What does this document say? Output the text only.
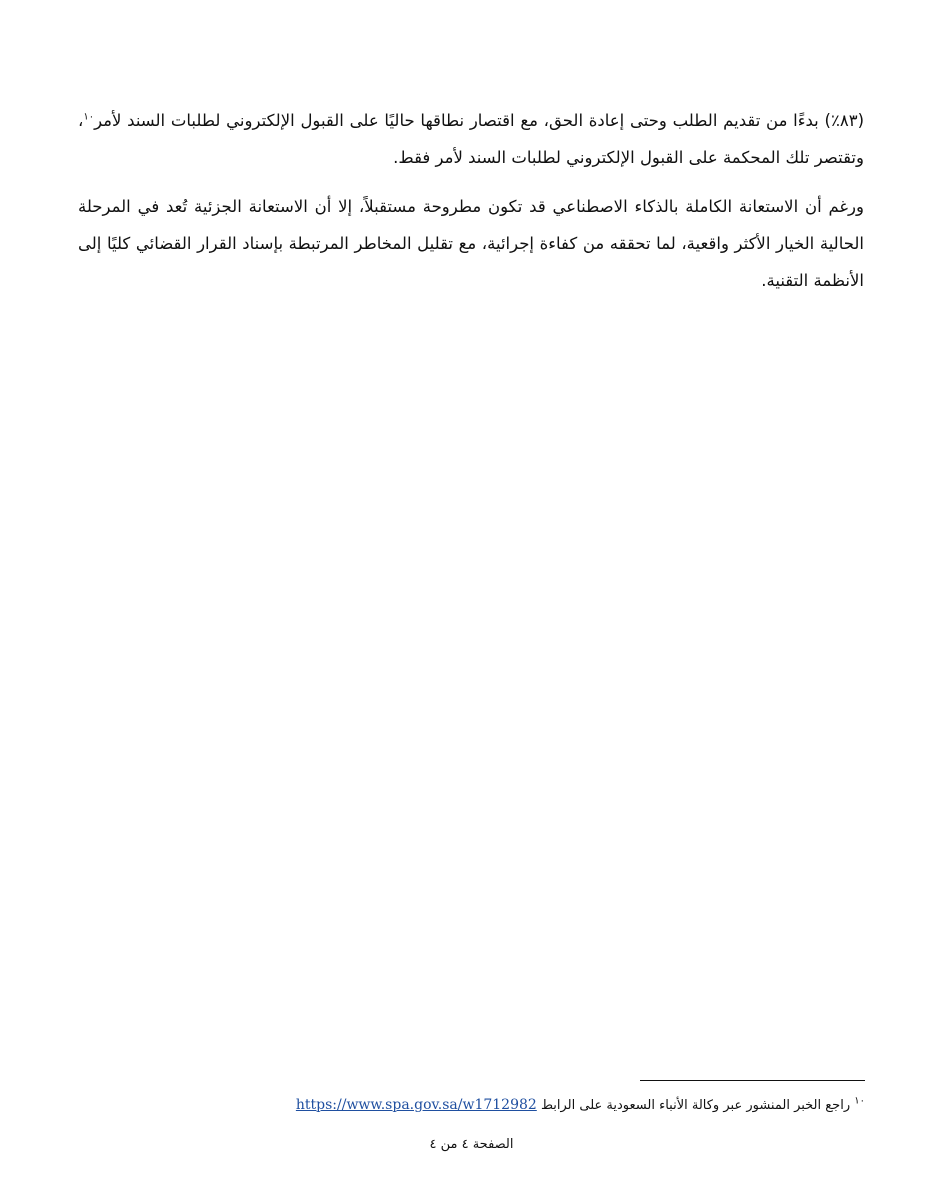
(٨٣٪) بدءًا من تقديم الطلب وحتى إعادة الحق، مع اقتصار نطاقها حاليًا على القبول الإلكتروني لطلبات السند لأمر$^{١٠}$، وتقتصر تلك المحكمة على القبول الإلكتروني لطلبات السند لأمر فقط.

ورغم أن الاستعانة الكاملة بالذكاء الاصطناعي قد تكون مطروحة مستقبلاً، إلا أن الاستعانة الجزئية تُعد في المرحلة الحالية الخيار الأكثر واقعية، لما تحققه من كفاءة إجرائية، مع تقليل المخاطر المرتبطة بإسناد القرار القضائي كليًا إلى الأنظمة التقنية.

$^{١٠}$ راجع الخبر المنشور عبر وكالة الأنباء السعودية على الرابط https://www.spa.gov.sa/w1712982

الصفحة ٤ من ٤
